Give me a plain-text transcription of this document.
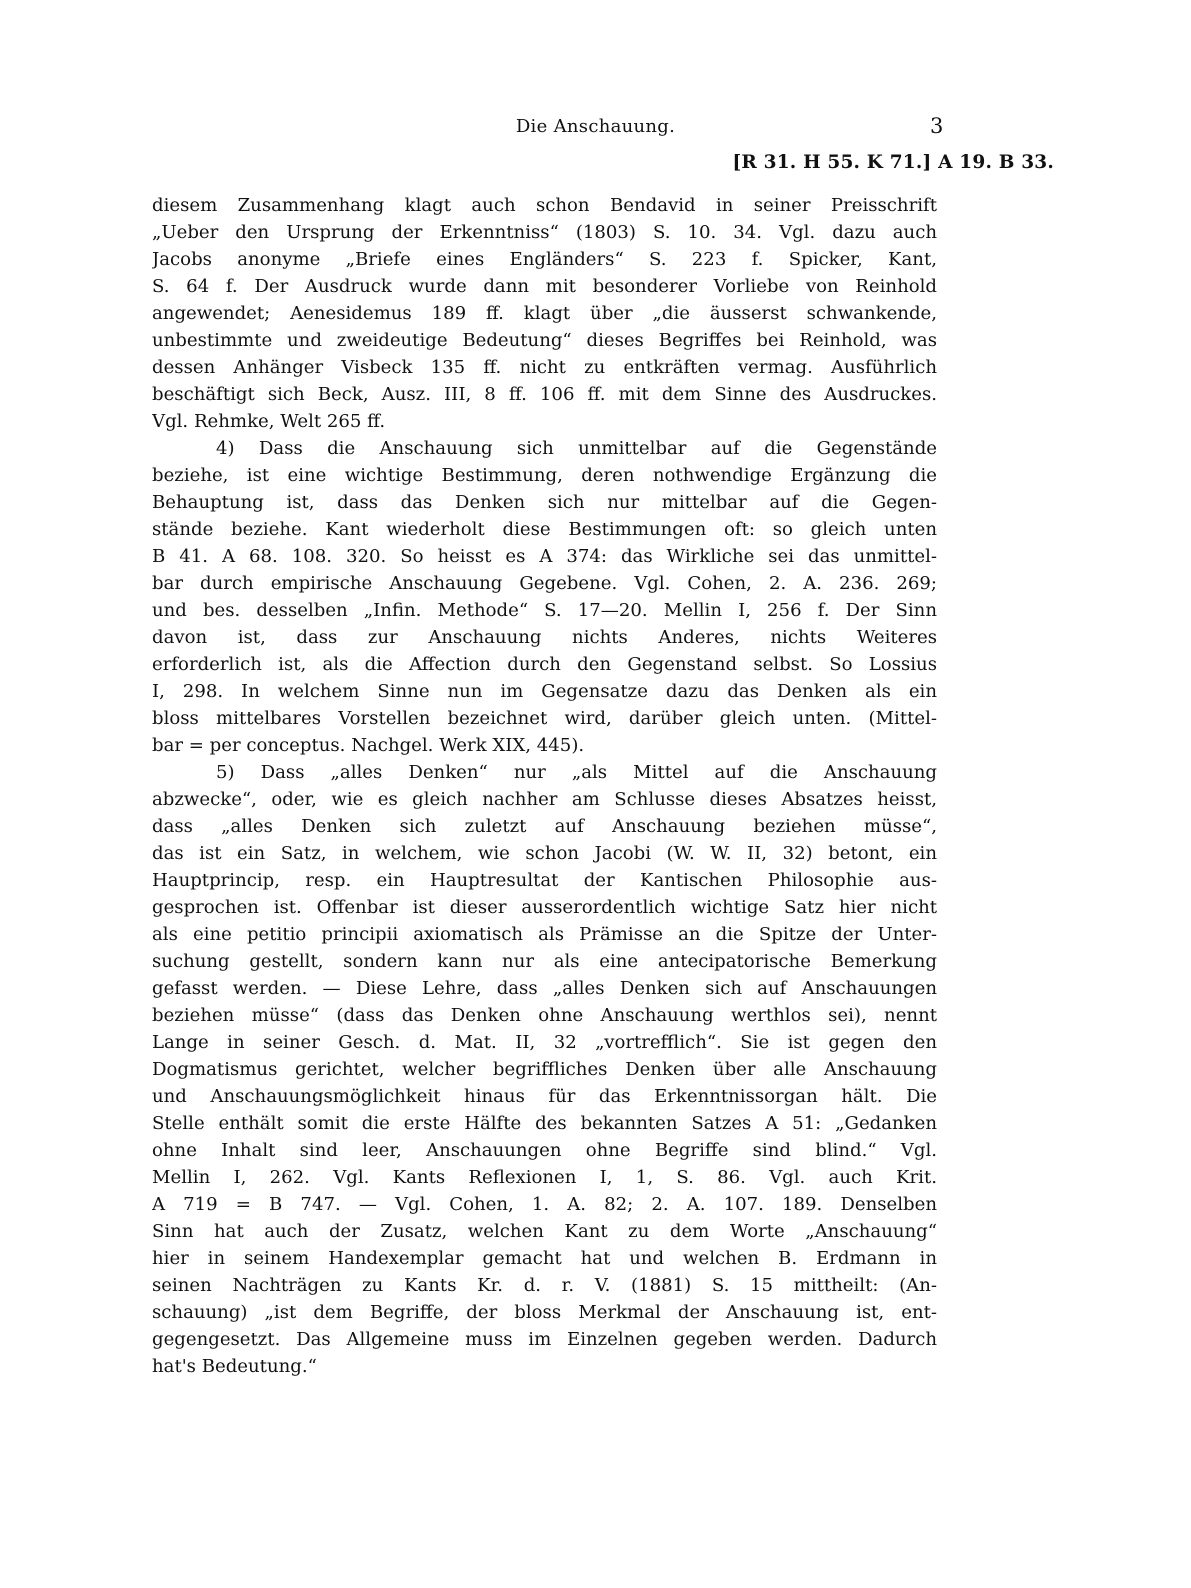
Die Anschauung.	3
[R 31. H 55. K 71.] A 19. B 33.
diesem Zusammenhang klagt auch schon Bendavid in seiner Preisschrift
„Ueber den Ursprung der Erkenntniss“ (1803) S. 10. 34. Vgl. dazu auch
Jacobs anonyme „Briefe eines Engländers“ S. 223 f. Spicker, Kant,
S. 64 f. Der Ausdruck wurde dann mit besonderer Vorliebe von Reinhold
angewendet; Aenesidemus 189 ff. klagt über „die äusserst schwankende,
unbestimmte und zweideutige Bedeutung“ dieses Begriffes bei Reinhold, was
dessen Anhänger Visbeck 135 ff. nicht zu entkräften vermag. Ausführlich
beschäftigt sich Beck, Ausz. III, 8 ff. 106 ff. mit dem Sinne des Ausdruckes.
Vgl. Rehmke, Welt 265 ff.
4) Dass die Anschauung sich unmittelbar auf die Gegenstände
beziehe, ist eine wichtige Bestimmung, deren nothwendige Ergänzung die
Behauptung ist, dass das Denken sich nur mittelbar auf die Gegen-
stände beziehe. Kant wiederholt diese Bestimmungen oft: so gleich unten
B 41. A 68. 108. 320. So heisst es A 374: das Wirkliche sei das unmittel-
bar durch empirische Anschauung Gegebene. Vgl. Cohen, 2. A. 236. 269;
und bes. desselben „Infin. Methode“ S. 17—20. Mellin I, 256 f. Der Sinn
davon ist, dass zur Anschauung nichts Anderes, nichts Weiteres
erforderlich ist, als die Affection durch den Gegenstand selbst. So Lossius
I, 298. In welchem Sinne nun im Gegensatze dazu das Denken als ein
bloss mittelbares Vorstellen bezeichnet wird, darüber gleich unten. (Mittel-
bar = per conceptus. Nachgel. Werk XIX, 445).
5) Dass „alles Denken“ nur „als Mittel auf die Anschauung
abzwecke“, oder, wie es gleich nachher am Schlusse dieses Absatzes heisst,
dass „alles Denken sich zuletzt auf Anschauung beziehen müsse“,
das ist ein Satz, in welchem, wie schon Jacobi (W. W. II, 32) betont, ein
Hauptprincip, resp. ein Hauptresultat der Kantischen Philosophie aus-
gesprochen ist. Offenbar ist dieser ausserordentlich wichtige Satz hier nicht
als eine petitio principii axiomatisch als Prämisse an die Spitze der Unter-
suchung gestellt, sondern kann nur als eine antecipatorische Bemerkung
gefasst werden. — Diese Lehre, dass „alles Denken sich auf Anschauungen
beziehen müsse“ (dass das Denken ohne Anschauung werthlos sei), nennt
Lange in seiner Gesch. d. Mat. II, 32 „vortrefflich“. Sie ist gegen den
Dogmatismus gerichtet, welcher begriffliches Denken über alle Anschauung
und Anschauungsmöglichkeit hinaus für das Erkenntnissorgan hält. Die
Stelle enthält somit die erste Hälfte des bekannten Satzes A 51: „Gedanken
ohne Inhalt sind leer, Anschauungen ohne Begriffe sind blind.“ Vgl.
Mellin I, 262. Vgl. Kants Reflexionen I, 1, S. 86. Vgl. auch Krit.
A 719 = B 747. — Vgl. Cohen, 1. A. 82; 2. A. 107. 189. Denselben
Sinn hat auch der Zusatz, welchen Kant zu dem Worte „Anschauung“
hier in seinem Handexemplar gemacht hat und welchen B. Erdmann in
seinen Nachträgen zu Kants Kr. d. r. V. (1881) S. 15 mittheilt: (An-
schauung) „ist dem Begriffe, der bloss Merkmal der Anschauung ist, ent-
gegengesetzt. Das Allgemeine muss im Einzelnen gegeben werden. Dadurch
hat's Bedeutung.“
